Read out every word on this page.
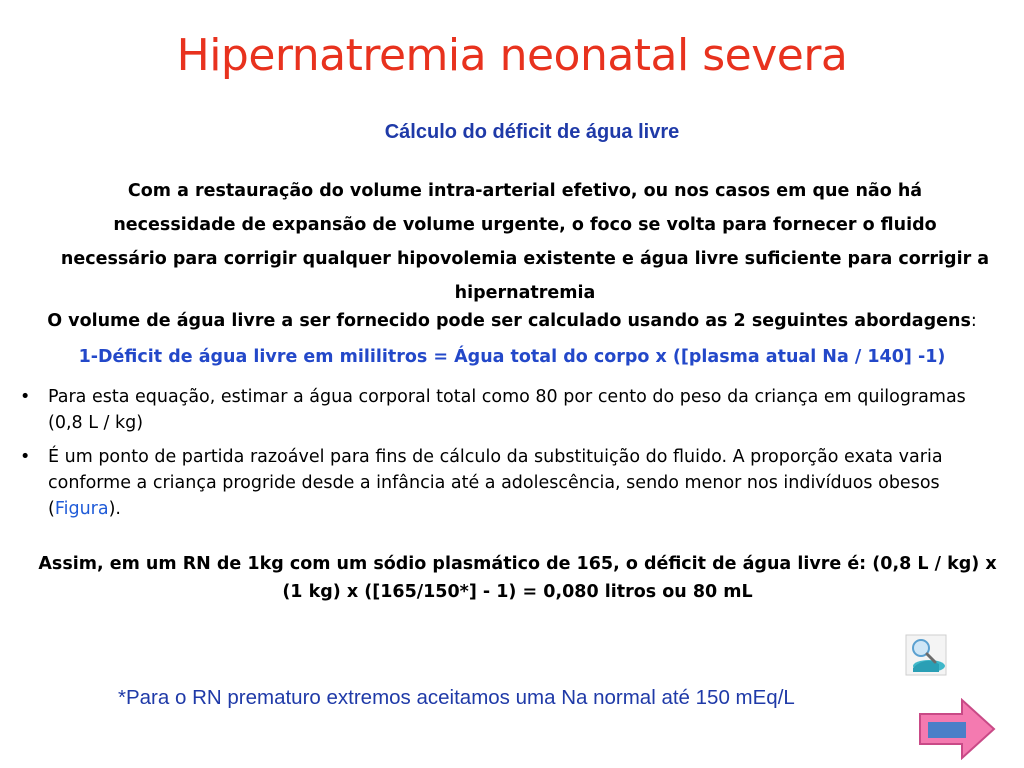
Hipernatremia neonatal severa
Cálculo do déficit de água livre
Com a restauração do volume intra-arterial efetivo, ou nos casos em que não há
necessidade de expansão de volume urgente, o foco se volta para fornecer o fluido necessário para corrigir qualquer hipovolemia existente e água livre suficiente para corrigir a hipernatremia
O volume de água livre a ser fornecido pode ser calculado usando as 2 seguintes abordagens:
1-Déficit de água livre em mililitros = Água total do corpo x ([plasma atual Na / 140] -1)
•	Para esta equação, estimar a água corporal total como 80 por cento do peso da criança em quilogramas (0,8 L / kg)
•	É um ponto de partida razoável para fins de cálculo da substituição do fluido. A proporção exata varia conforme a criança progride desde a infância até a adolescência, sendo menor nos indivíduos obesos (Figura).
Assim, em um RN de 1kg com um sódio plasmático de 165, o déficit de água livre é: (0,8 L / kg) x (1 kg) x ([165/150*] - 1) = 0,080 litros ou 80 mL
*Para o RN prematuro extremos aceitamos uma Na normal até 150 mEq/L
